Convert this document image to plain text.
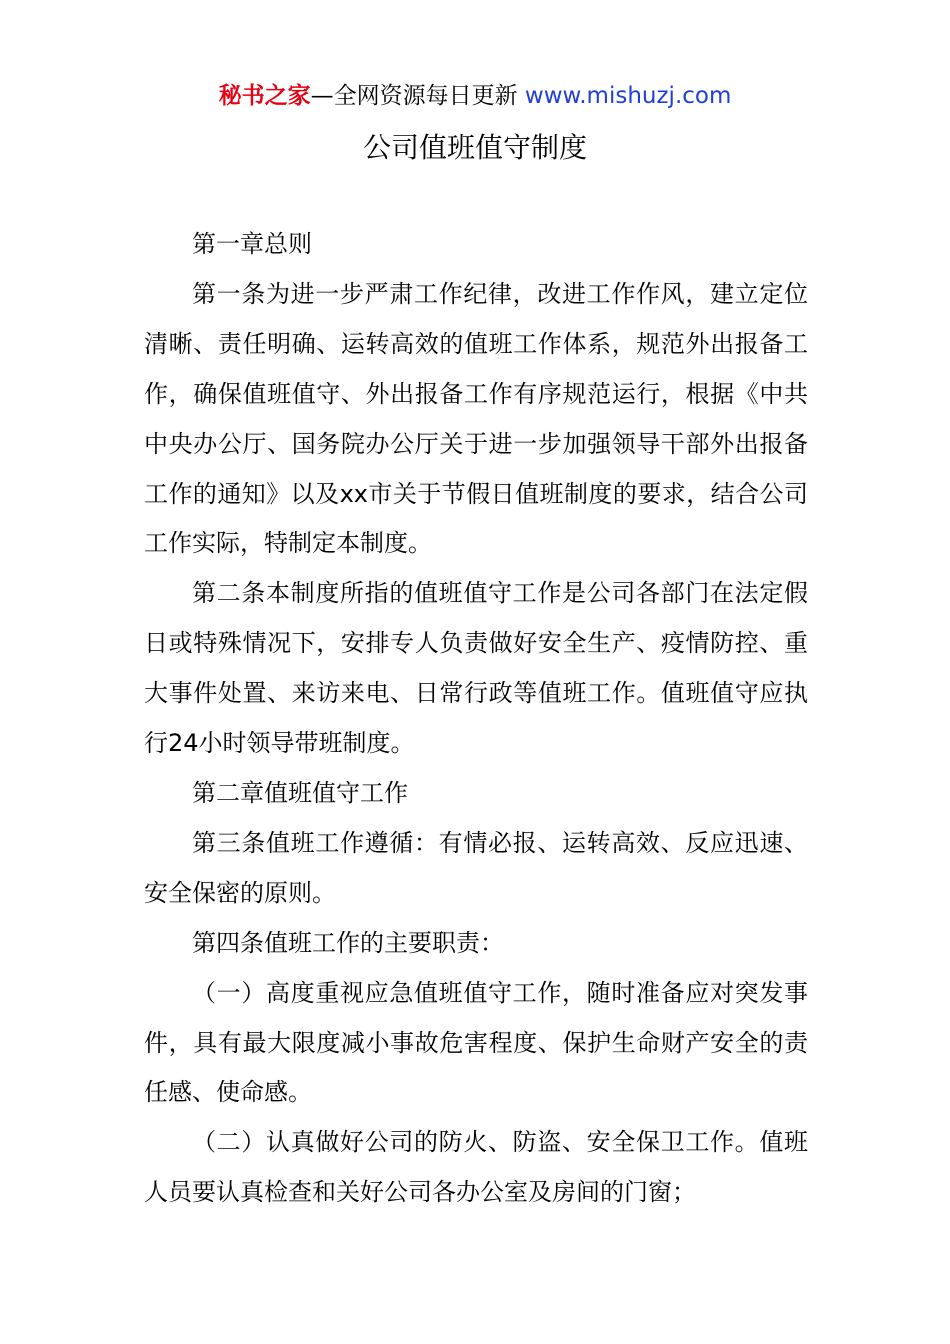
秘书之家—全网资源每日更新 www.mishuzj.com
公司值班值守制度

第一章总则

第一条为进一步严肃工作纪律，改进工作作风，建立定位清晰、责任明确、运转高效的值班工作体系，规范外出报备工作，确保值班值守、外出报备工作有序规范运行，根据《中共中央办公厅、国务院办公厅关于进一步加强领导干部外出报备工作的通知》以及xx市关于节假日值班制度的要求，结合公司工作实际，特制定本制度。

第二条本制度所指的值班值守工作是公司各部门在法定假日或特殊情况下，安排专人负责做好安全生产、疫情防控、重大事件处置、来访来电、日常行政等值班工作。值班值守应执行24小时领导带班制度。

第二章值班值守工作

第三条值班工作遵循：有情必报、运转高效、反应迅速、安全保密的原则。

第四条值班工作的主要职责：

（一）高度重视应急值班值守工作，随时准备应对突发事件，具有最大限度减小事故危害程度、保护生命财产安全的责任感、使命感。

（二）认真做好公司的防火、防盗、安全保卫工作。值班人员要认真检查和关好公司各办公室及房间的门窗；
